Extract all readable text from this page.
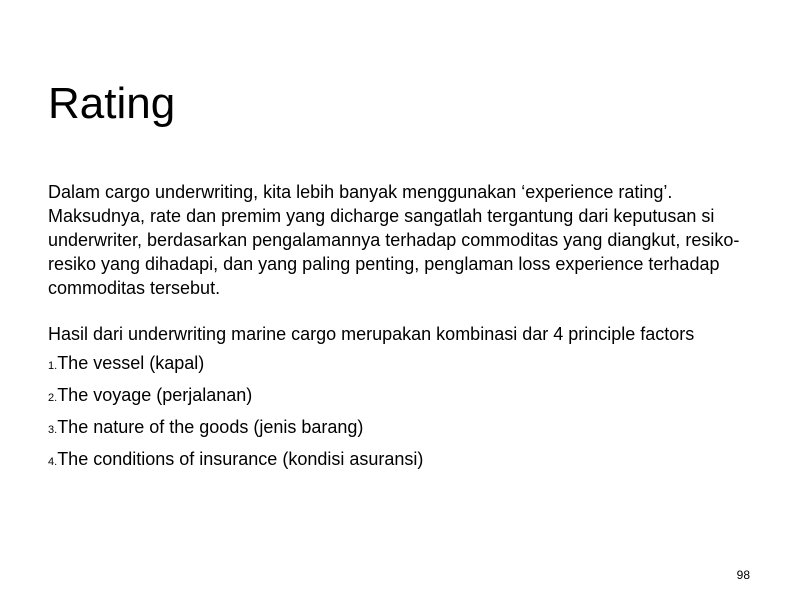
Rating

Dalam cargo underwriting, kita lebih banyak menggunakan ‘experience rating’. Maksudnya, rate dan premim yang dicharge sangatlah tergantung dari keputusan si underwriter, berdasarkan pengalamannya terhadap commoditas yang diangkut, resiko-resiko yang dihadapi, dan yang paling penting, penglaman loss experience terhadap commoditas tersebut.

Hasil dari underwriting marine cargo merupakan kombinasi dar 4 principle factors

1. The vessel (kapal)
2. The voyage (perjalanan)
3. The nature of the goods (jenis barang)
4. The conditions of insurance (kondisi asuransi)
98
